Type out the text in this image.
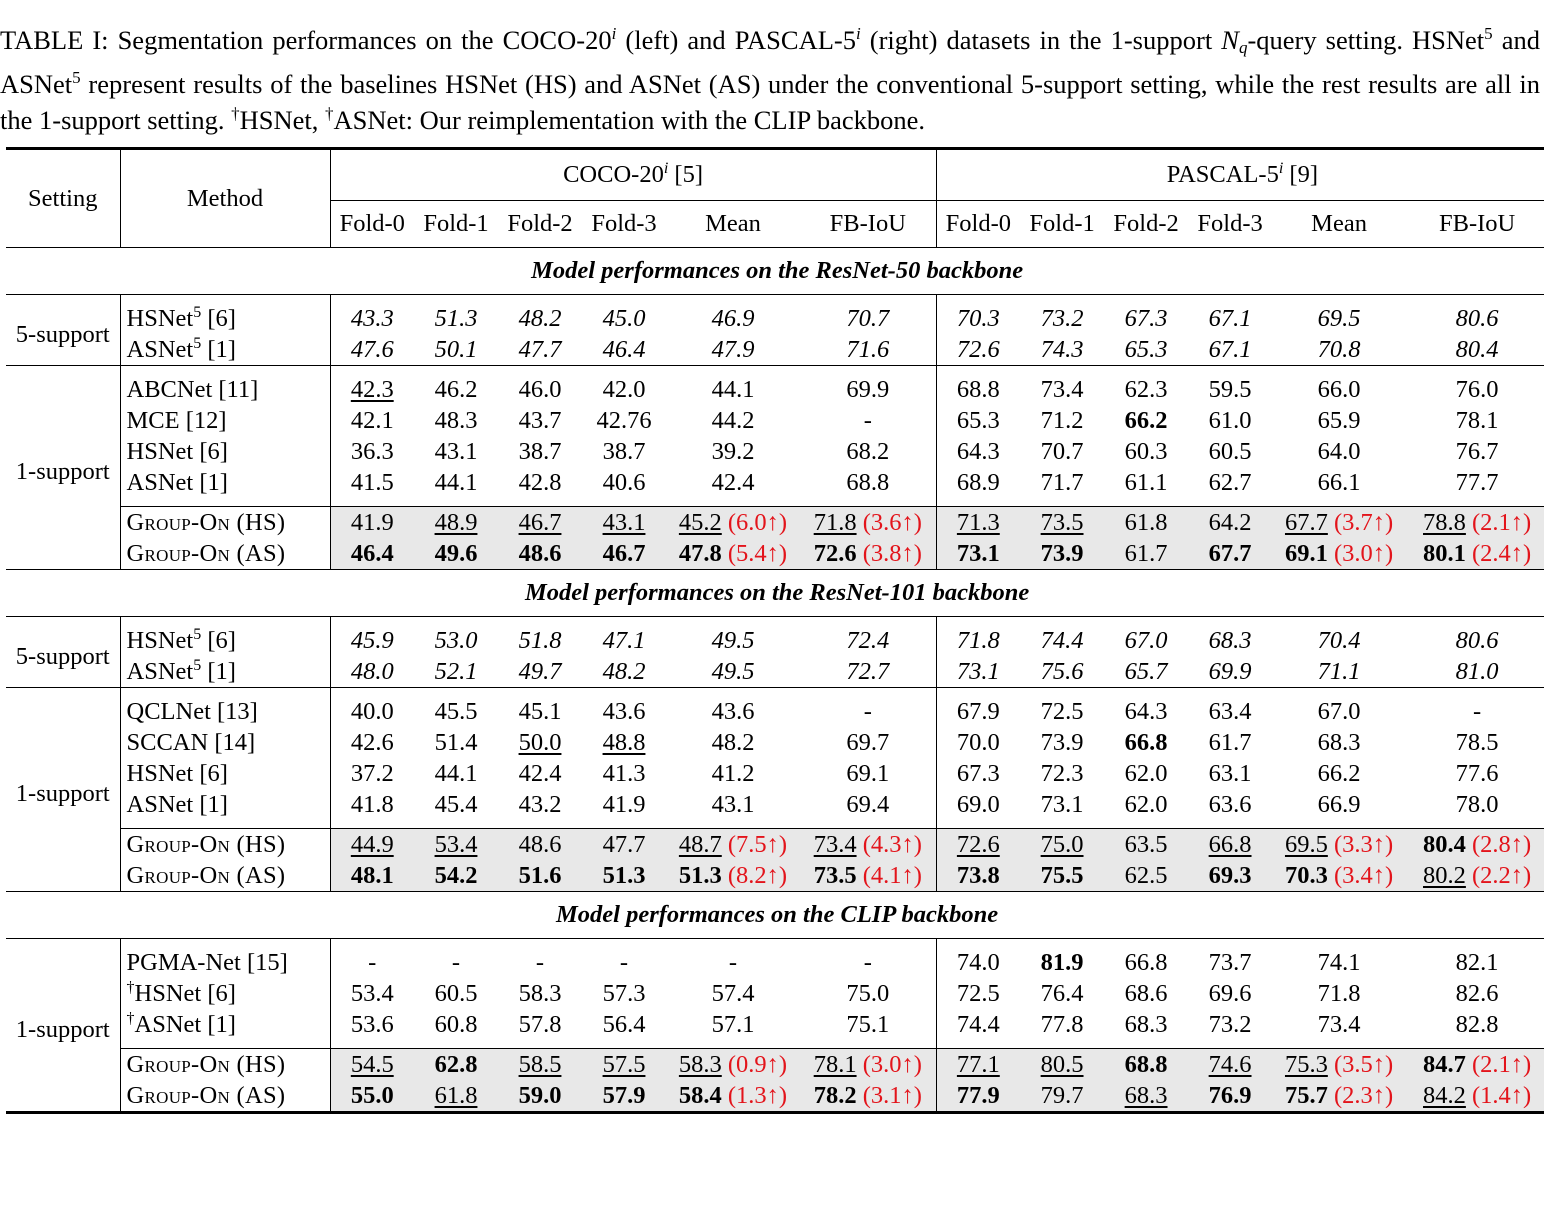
TABLE I: Segmentation performances on the COCO-20$^i$ (left) and PASCAL-5$^i$ (right) datasets in the 1-support $N_q$-query setting. HSNet$^5$ and ASNet$^5$ represent results of the baselines HSNet (HS) and ASNet (AS) under the conventional 5-support setting, while the rest results are all in the 1-support setting. †HSNet, †ASNet: Our reimplementation with the CLIP backbone.
Setting	Method	COCO-20$^i$ [5]						PASCAL-5$^i$ [9]					
		Fold-0	Fold-1	Fold-2	Fold-3	Mean	FB-IoU	Fold-0	Fold-1	Fold-2	Fold-3	Mean	FB-IoU
Model performances on the ResNet-50 backbone													

5-support	HSNet$^5$ [6]	43.3	51.3	48.2	45.0	46.9	70.7	70.3	73.2	67.3	67.1	69.5	80.6
	ASNet$^5$ [1]	47.6	50.1	47.7	46.4	47.9	71.6	72.6	74.3	65.3	67.1	70.8	80.4

1-support	ABCNet [11]	42.3	46.2	46.0	42.0	44.1	69.9	68.8	73.4	62.3	59.5	66.0	76.0
	MCE [12]	42.1	48.3	43.7	42.76	44.2	-	65.3	71.2	66.2	61.0	65.9	78.1
	HSNet [6]	36.3	43.1	38.7	38.7	39.2	68.2	64.3	70.7	60.3	60.5	64.0	76.7
	ASNet [1]	41.5	44.1	42.8	40.6	42.4	68.8	68.9	71.7	61.1	62.7	66.1	77.7

	Group-On (HS)	41.9	48.9	46.7	43.1	45.2 (6.0↑)	71.8 (3.6↑)	71.3	73.5	61.8	64.2	67.7 (3.7↑)	78.8 (2.1↑)
	Group-On (AS)	46.4	49.6	48.6	46.7	47.8 (5.4↑)	72.6 (3.8↑)	73.1	73.9	61.7	67.7	69.1 (3.0↑)	80.1 (2.4↑)
Model performances on the ResNet-101 backbone													

5-support	HSNet$^5$ [6]	45.9	53.0	51.8	47.1	49.5	72.4	71.8	74.4	67.0	68.3	70.4	80.6
	ASNet$^5$ [1]	48.0	52.1	49.7	48.2	49.5	72.7	73.1	75.6	65.7	69.9	71.1	81.0

1-support	QCLNet [13]	40.0	45.5	45.1	43.6	43.6	-	67.9	72.5	64.3	63.4	67.0	-
	SCCAN [14]	42.6	51.4	50.0	48.8	48.2	69.7	70.0	73.9	66.8	61.7	68.3	78.5
	HSNet [6]	37.2	44.1	42.4	41.3	41.2	69.1	67.3	72.3	62.0	63.1	66.2	77.6
	ASNet [1]	41.8	45.4	43.2	41.9	43.1	69.4	69.0	73.1	62.0	63.6	66.9	78.0

	Group-On (HS)	44.9	53.4	48.6	47.7	48.7 (7.5↑)	73.4 (4.3↑)	72.6	75.0	63.5	66.8	69.5 (3.3↑)	80.4 (2.8↑)
	Group-On (AS)	48.1	54.2	51.6	51.3	51.3 (8.2↑)	73.5 (4.1↑)	73.8	75.5	62.5	69.3	70.3 (3.4↑)	80.2 (2.2↑)
Model performances on the CLIP backbone													

1-support	PGMA-Net [15]	-	-	-	-	-	-	74.0	81.9	66.8	73.7	74.1	82.1
	†HSNet [6]	53.4	60.5	58.3	57.3	57.4	75.0	72.5	76.4	68.6	69.6	71.8	82.6
	†ASNet [1]	53.6	60.8	57.8	56.4	57.1	75.1	74.4	77.8	68.3	73.2	73.4	82.8

	Group-On (HS)	54.5	62.8	58.5	57.5	58.3 (0.9↑)	78.1 (3.0↑)	77.1	80.5	68.8	74.6	75.3 (3.5↑)	84.7 (2.1↑)
	Group-On (AS)	55.0	61.8	59.0	57.9	58.4 (1.3↑)	78.2 (3.1↑)	77.9	79.7	68.3	76.9	75.7 (2.3↑)	84.2 (1.4↑)
